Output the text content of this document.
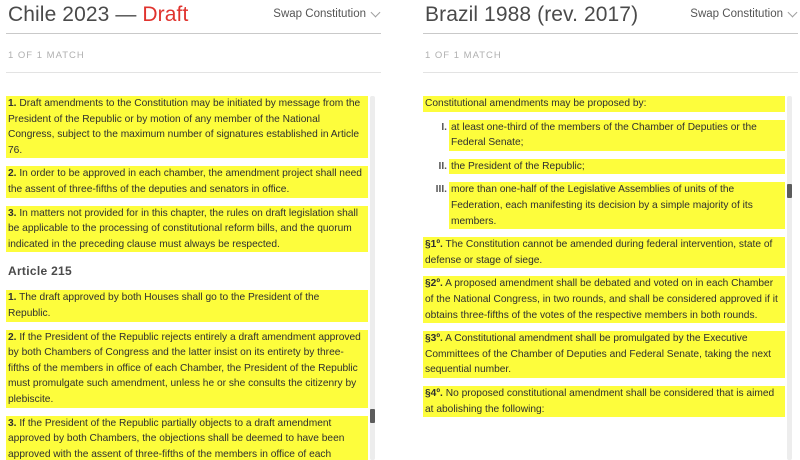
Chile 2023 — Draft	Swap Constitution
1 OF 1 MATCH
1. Draft amendments to the Constitution may be initiated by message from the President of the Republic or by motion of any member of the National Congress, subject to the maximum number of signatures established in Article 76.
2. In order to be approved in each chamber, the amendment project shall need the assent of three-fifths of the deputies and senators in office.
3. In matters not provided for in this chapter, the rules on draft legislation shall be applicable to the processing of constitutional reform bills, and the quorum indicated in the preceding clause must always be respected.
Article 215
1. The draft approved by both Houses shall go to the President of the Republic.
2. If the President of the Republic rejects entirely a draft amendment approved by both Chambers of Congress and the latter insist on its entirety by three-fifths of the members in office of each Chamber, the President of the Republic must promulgate such amendment, unless he or she consults the citizenry by plebiscite.
3. If the President of the Republic partially objects to a draft amendment approved by both Chambers, the objections shall be deemed to have been approved with the assent of three-fifths of the members in office of each
Brazil 1988 (rev. 2017)	Swap Constitution
1 OF 1 MATCH
Constitutional amendments may be proposed by:
I. at least one-third of the members of the Chamber of Deputies or the Federal Senate;
II. the President of the Republic;
III. more than one-half of the Legislative Assemblies of units of the Federation, each manifesting its decision by a simple majority of its members.
§1º. The Constitution cannot be amended during federal intervention, state of defense or stage of siege.
§2º. A proposed amendment shall be debated and voted on in each Chamber of the National Congress, in two rounds, and shall be considered approved if it obtains three-fifths of the votes of the respective members in both rounds.
§3º. A Constitutional amendment shall be promulgated by the Executive Committees of the Chamber of Deputies and Federal Senate, taking the next sequential number.
§4º. No proposed constitutional amendment shall be considered that is aimed at abolishing the following:
